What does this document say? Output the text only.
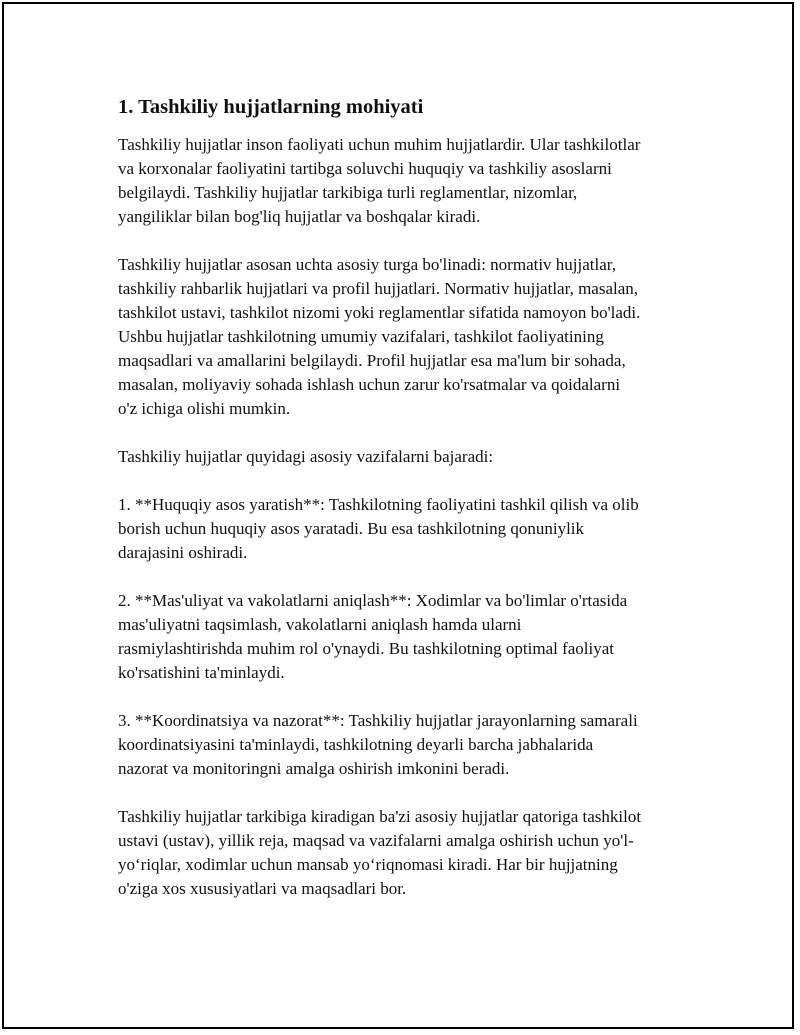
1. Tashkiliy hujjatlarning mohiyati

Tashkiliy hujjatlar inson faoliyati uchun muhim hujjatlardir. Ular tashkilotlar
va korxonalar faoliyatini tartibga soluvchi huquqiy va tashkiliy asoslarni
belgilaydi. Tashkiliy hujjatlar tarkibiga turli reglamentlar, nizomlar,
yangiliklar bilan bog'liq hujjatlar va boshqalar kiradi.

Tashkiliy hujjatlar asosan uchta asosiy turga bo'linadi: normativ hujjatlar,
tashkiliy rahbarlik hujjatlari va profil hujjatlari. Normativ hujjatlar, masalan,
tashkilot ustavi, tashkilot nizomi yoki reglamentlar sifatida namoyon bo'ladi.
Ushbu hujjatlar tashkilotning umumiy vazifalari, tashkilot faoliyatining
maqsadlari va amallarini belgilaydi. Profil hujjatlar esa ma'lum bir sohada,
masalan, moliyaviy sohada ishlash uchun zarur ko'rsatmalar va qoidalarni
o'z ichiga olishi mumkin.

Tashkiliy hujjatlar quyidagi asosiy vazifalarni bajaradi:

1. **Huquqiy asos yaratish**: Tashkilotning faoliyatini tashkil qilish va olib
borish uchun huquqiy asos yaratadi. Bu esa tashkilotning qonuniylik
darajasini oshiradi.

2. **Mas'uliyat va vakolatlarni aniqlash**: Xodimlar va bo'limlar o'rtasida
mas'uliyatni taqsimlash, vakolatlarni aniqlash hamda ularni
rasmiylashtirishda muhim rol o'ynaydi. Bu tashkilotning optimal faoliyat
ko'rsatishini ta'minlaydi.

3. **Koordinatsiya va nazorat**: Tashkiliy hujjatlar jarayonlarning samarali
koordinatsiyasini ta'minlaydi, tashkilotning deyarli barcha jabhalarida
nazorat va monitoringni amalga oshirish imkonini beradi.

Tashkiliy hujjatlar tarkibiga kiradigan ba'zi asosiy hujjatlar qatoriga tashkilot
ustavi (ustav), yillik reja, maqsad va vazifalarni amalga oshirish uchun yo'l-
yo‘riqlar, xodimlar uchun mansab yo‘riqnomasi kiradi. Har bir hujjatning
o'ziga xos xususiyatlari va maqsadlari bor.
